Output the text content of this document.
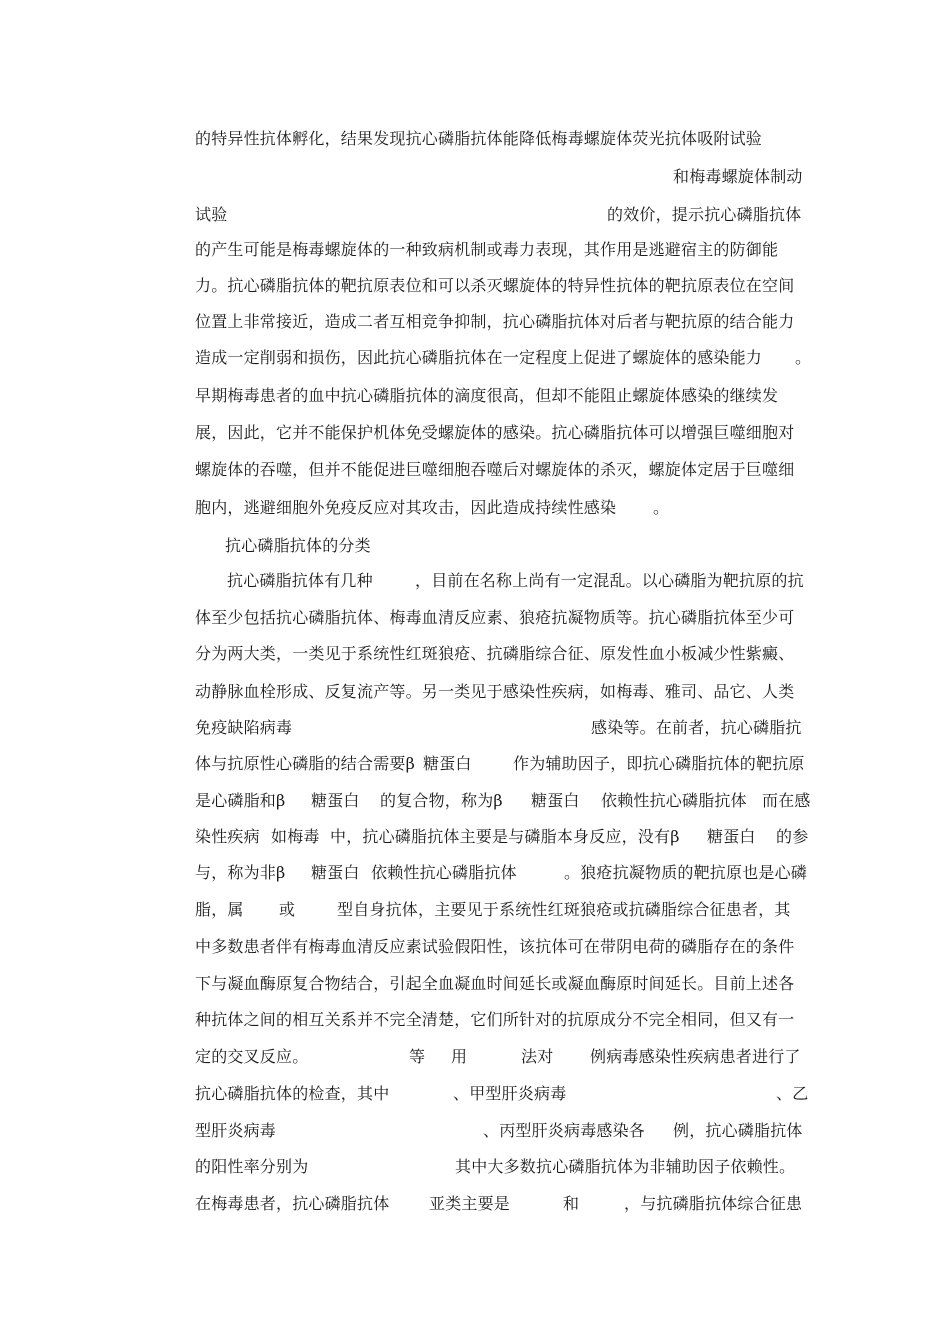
的特异性抗体孵化，结果发现抗心磷脂抗体能降低梅毒螺旋体荧光抗体吸附试验
和梅毒螺旋体制动
试验	的效价，提示抗心磷脂抗体
的产生可能是梅毒螺旋体的一种致病机制或毒力表现，其作用是逃避宿主的防御能
力。抗心磷脂抗体的靶抗原表位和可以杀灭螺旋体的特异性抗体的靶抗原表位在空间
位置上非常接近，造成二者互相竞争抑制，抗心磷脂抗体对后者与靶抗原的结合能力
造成一定削弱和损伤，因此抗心磷脂抗体在一定程度上促进了螺旋体的感染能力 。
早期梅毒患者的血中抗心磷脂抗体的滴度很高，但却不能阻止螺旋体感染的继续发
展，因此，它并不能保护机体免受螺旋体的感染。抗心磷脂抗体可以增强巨噬细胞对
螺旋体的吞噬，但并不能促进巨噬细胞吞噬后对螺旋体的杀灭，螺旋体定居于巨噬细
胞内，逃避细胞外免疫反应对其攻击，因此造成持续性感染 。
抗心磷脂抗体的分类
抗心磷脂抗体有几种	，目前在名称上尚有一定混乱。以心磷脂为靶抗原的抗
体至少包括抗心磷脂抗体、梅毒血清反应素、狼疮抗凝物质等。抗心磷脂抗体至少可
分为两大类，一类见于系统性红斑狼疮、抗磷脂综合征、原发性血小板减少性紫癜、
动静脉血栓形成、反复流产等。另一类见于感染性疾病，如梅毒、雅司、品它、人类
免疫缺陷病毒	感染等。在前者，抗心磷脂抗
体与抗原性心磷脂的结合需要β 糖蛋白	作为辅助因子，即抗心磷脂抗体的靶抗原
是心磷脂和β 糖蛋白 的复合物，称为β 糖蛋白 依赖性抗心磷脂抗体 而在感
染性疾病 如梅毒 中，抗心磷脂抗体主要是与磷脂本身反应，没有β 糖蛋白 的参
与，称为非β 糖蛋白 依赖性抗心磷脂抗体	。狼疮抗凝物质的靶抗原也是心磷
脂，属 或	型自身抗体，主要见于系统性红斑狼疮或抗磷脂综合征患者，其
中多数患者伴有梅毒血清反应素试验假阳性，该抗体可在带阴电荷的磷脂存在的条件
下与凝血酶原复合物结合，引起全血凝血时间延长或凝血酶原时间延长。目前上述各
种抗体之间的相互关系并不完全清楚，它们所针对的抗原成分不完全相同，但又有一
定的交叉反应。	等 用	法对 例病毒感染性疾病患者进行了
抗心磷脂抗体的检查，其中	、甲型肝炎病毒	、乙
型肝炎病毒	、丙型肝炎病毒感染各 例，抗心磷脂抗体
的阳性率分别为	其中大多数抗心磷脂抗体为非辅助因子依赖性。
在梅毒患者，抗心磷脂抗体 亚类主要是	和	，与抗磷脂抗体综合征患
